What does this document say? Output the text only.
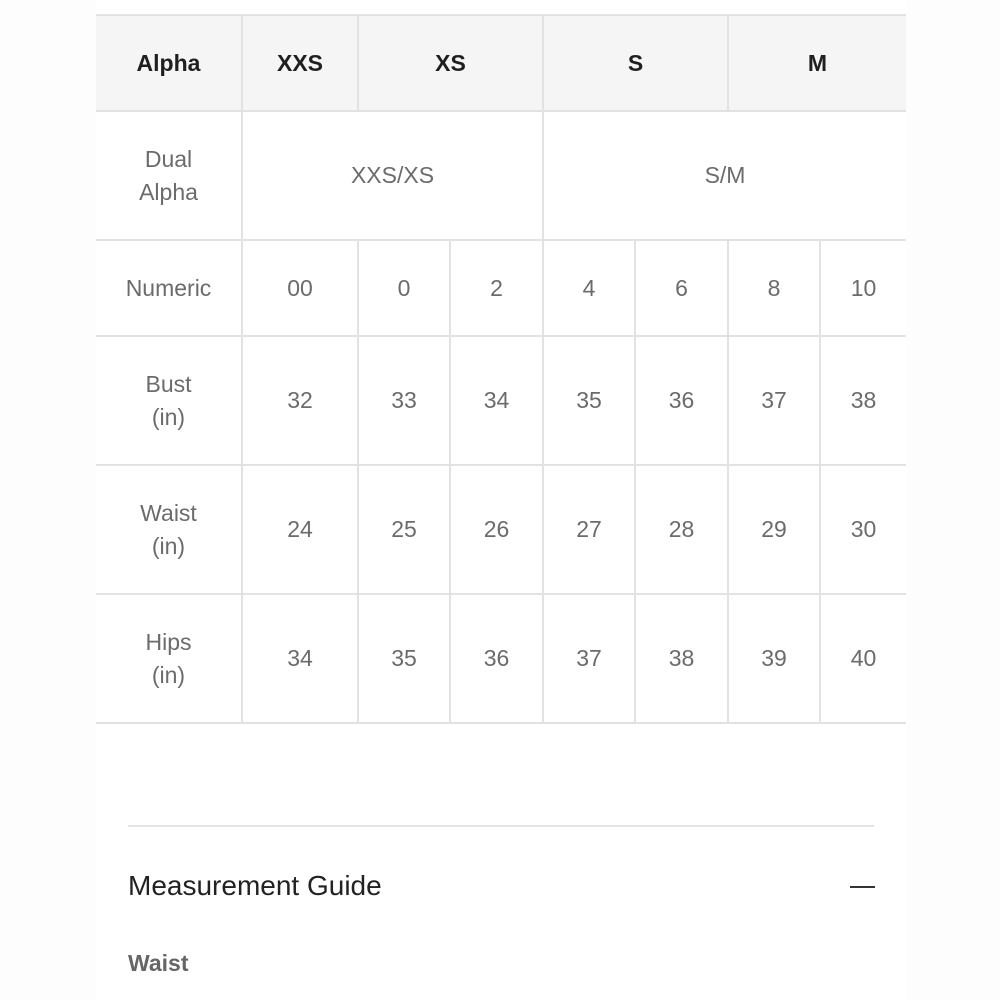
Alpha	XXS	XS		S		M	
Dual
Alpha	XXS/XS			S/M			
Numeric	00	0	2	4	6	8	10
Bust
(in)	32	33	34	35	36	37	38
Waist
(in)	24	25	26	27	28	29	30
Hips
(in)	34	35	36	37	38	39	40
Measurement Guide
Waist
